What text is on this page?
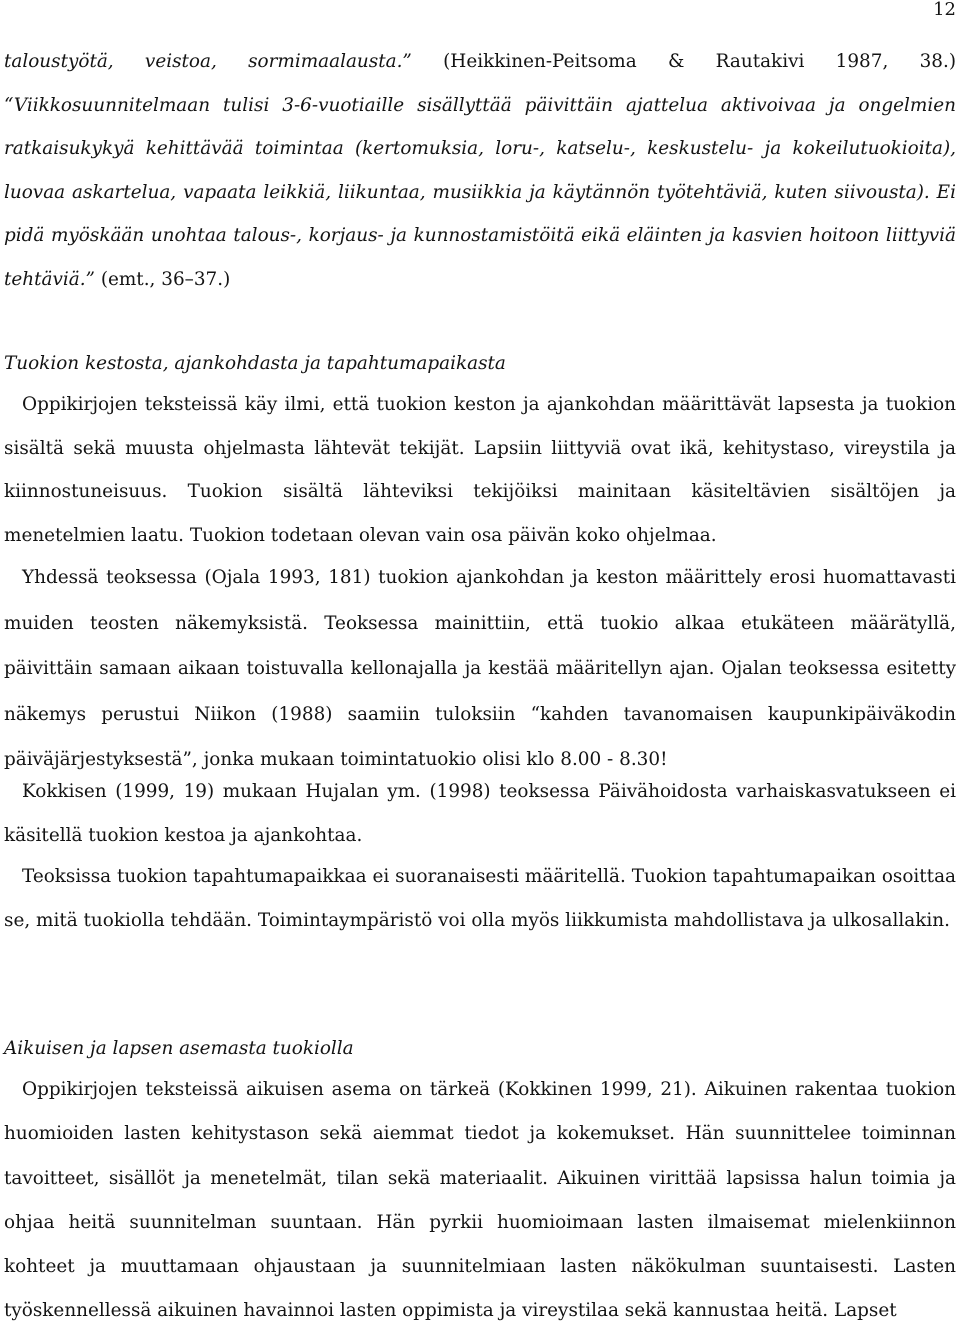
12
taloustyötä, veistoa, sormimaalausta.” (Heikkinen-Peitsoma & Rautakivi 1987, 38.)
“Viikkosuunnitelmaan tulisi 3-6-vuotiaille sisällyttää päivittäin ajattelua aktivoivaa ja ongelmien ratkaisukykyä kehittävää toimintaa (kertomuksia, loru-, katselu-, keskustelu- ja kokeilutuokioita), luovaa askartelua, vapaata leikkiä, liikuntaa, musiikkia ja käytännön työtehtäviä, kuten siivousta). Ei pidä myöskään unohtaa talous-, korjaus- ja kunnostamistöitä eikä eläinten ja kasvien hoitoon liittyviä tehtäviä.” (emt., 36–37.)
Tuokion kestosta, ajankohdasta ja tapahtumapaikasta
Oppikirjojen teksteissä käy ilmi, että tuokion keston ja ajankohdan määrittävät lapsesta ja tuokion sisältä sekä muusta ohjelmasta lähtevät tekijät. Lapsiin liittyviä ovat ikä, kehitystaso, vireystila ja kiinnostuneisuus. Tuokion sisältä lähteviksi tekijöiksi mainitaan käsiteltävien sisältöjen ja menetelmien laatu. Tuokion todetaan olevan vain osa päivän koko ohjelmaa.
Yhdessä teoksessa (Ojala 1993, 181) tuokion ajankohdan ja keston määrittely erosi huomattavasti muiden teosten näkemyksistä. Teoksessa mainittiin, että tuokio alkaa etukäteen määrätyllä, päivittäin samaan aikaan toistuvalla kellonajalla ja kestää määritellyn ajan. Ojalan teoksessa esitetty näkemys perustui Niikon (1988) saamiin tuloksiin “kahden tavanomaisen kaupunkipäiväkodin päiväjärjestyksestä”, jonka mukaan toimintatuokio olisi klo 8.00 - 8.30!
Kokkisen (1999, 19) mukaan Hujalan ym. (1998) teoksessa Päivähoidosta varhaiskasvatukseen ei käsitellä tuokion kestoa ja ajankohtaa.
Teoksissa tuokion tapahtumapaikkaa ei suoranaisesti määritellä. Tuokion tapahtumapaikan osoittaa se, mitä tuokiolla tehdään. Toimintaympäristö voi olla myös liikkumista mahdollistava ja ulkosallakin.
Aikuisen ja lapsen asemasta tuokiolla
Oppikirjojen teksteissä aikuisen asema on tärkeä (Kokkinen 1999, 21). Aikuinen rakentaa tuokion huomioiden lasten kehitystason sekä aiemmat tiedot ja kokemukset. Hän suunnittelee toiminnan tavoitteet, sisällöt ja menetelmät, tilan sekä materiaalit. Aikuinen virittää lapsissa halun toimia ja ohjaa heitä suunnitelman suuntaan. Hän pyrkii huomioimaan lasten ilmaisemat mielenkiinnon kohteet ja muuttamaan ohjaustaan ja suunnitelmiaan lasten näkökulman suuntaisesti. Lasten työskennellessä aikuinen havainnoi lasten oppimista ja vireystilaa sekä kannustaa heitä. Lapset
